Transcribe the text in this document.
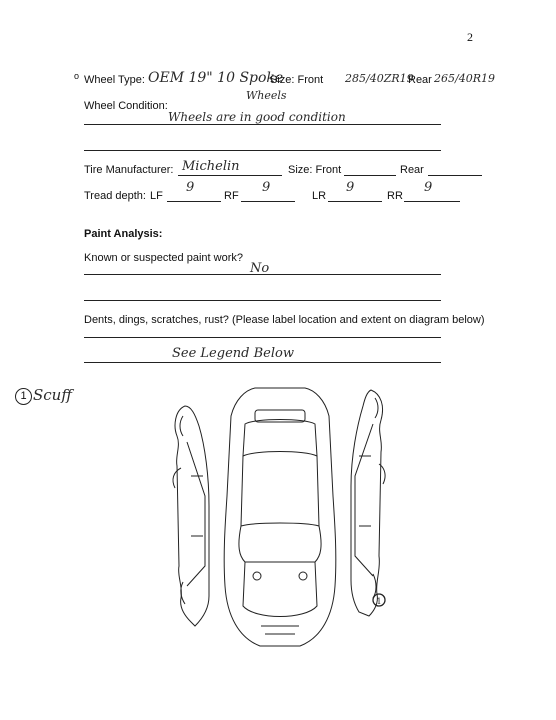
2
o Wheel Type: OEM 19" 10 Spoke
Wheels
Size: Front 285/40ZR19
Rear 265/40R19
Wheel Condition:
Wheels are in good condition
Tire Manufacturer: Michelin	Size: Front	Rear
Tread depth: LF
9
RF
9
LR
9
RR
9
Paint Analysis:
Known or suspected paint work?
No
Dents, dings, scratches, rust? (Please label location and extent on diagram below)
See Legend Below
1 Scuff
1
